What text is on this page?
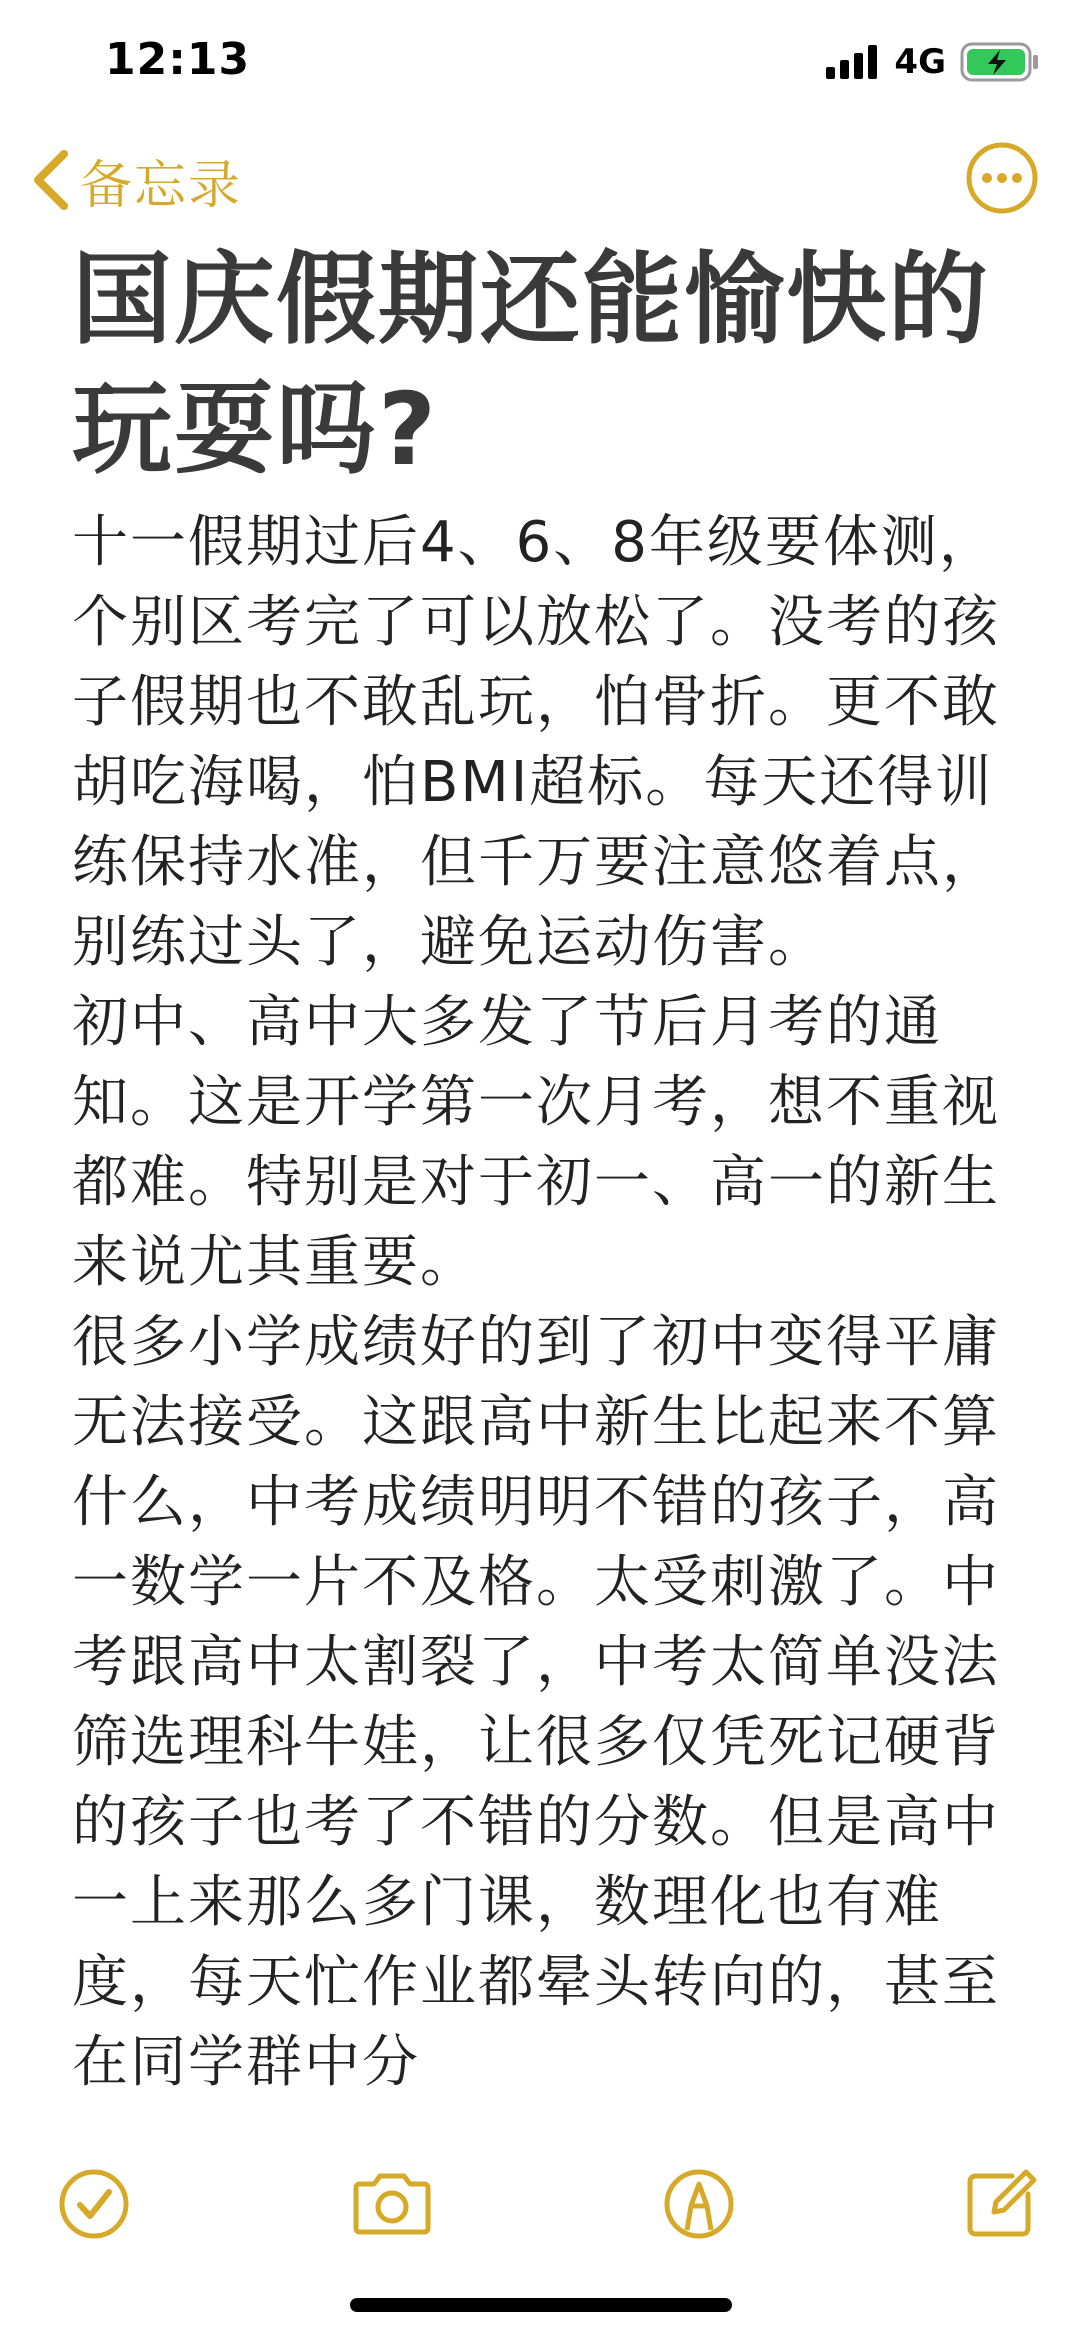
12:13	4G
备忘录
国庆假期还能愉快的玩耍吗?

十一假期过后4、6、8年级要体测，个别区考完了可以放松了。没考的孩子假期也不敢乱玩，怕骨折。更不敢胡吃海喝，怕BMI超标。每天还得训练保持水准，但千万要注意悠着点，别练过头了，避免运动伤害。

初中、高中大多发了节后月考的通知。这是开学第一次月考，想不重视都难。特别是对于初一、高一的新生来说尤其重要。

很多小学成绩好的到了初中变得平庸无法接受。这跟高中新生比起来不算什么，中考成绩明明不错的孩子，高一数学一片不及格。太受刺激了。中考跟高中太割裂了，中考太简单没法筛选理科牛娃，让很多仅凭死记硬背的孩子也考了不错的分数。但是高中一上来那么多门课，数理化也有难度，每天忙作业都晕头转向的，甚至在同学群中分
